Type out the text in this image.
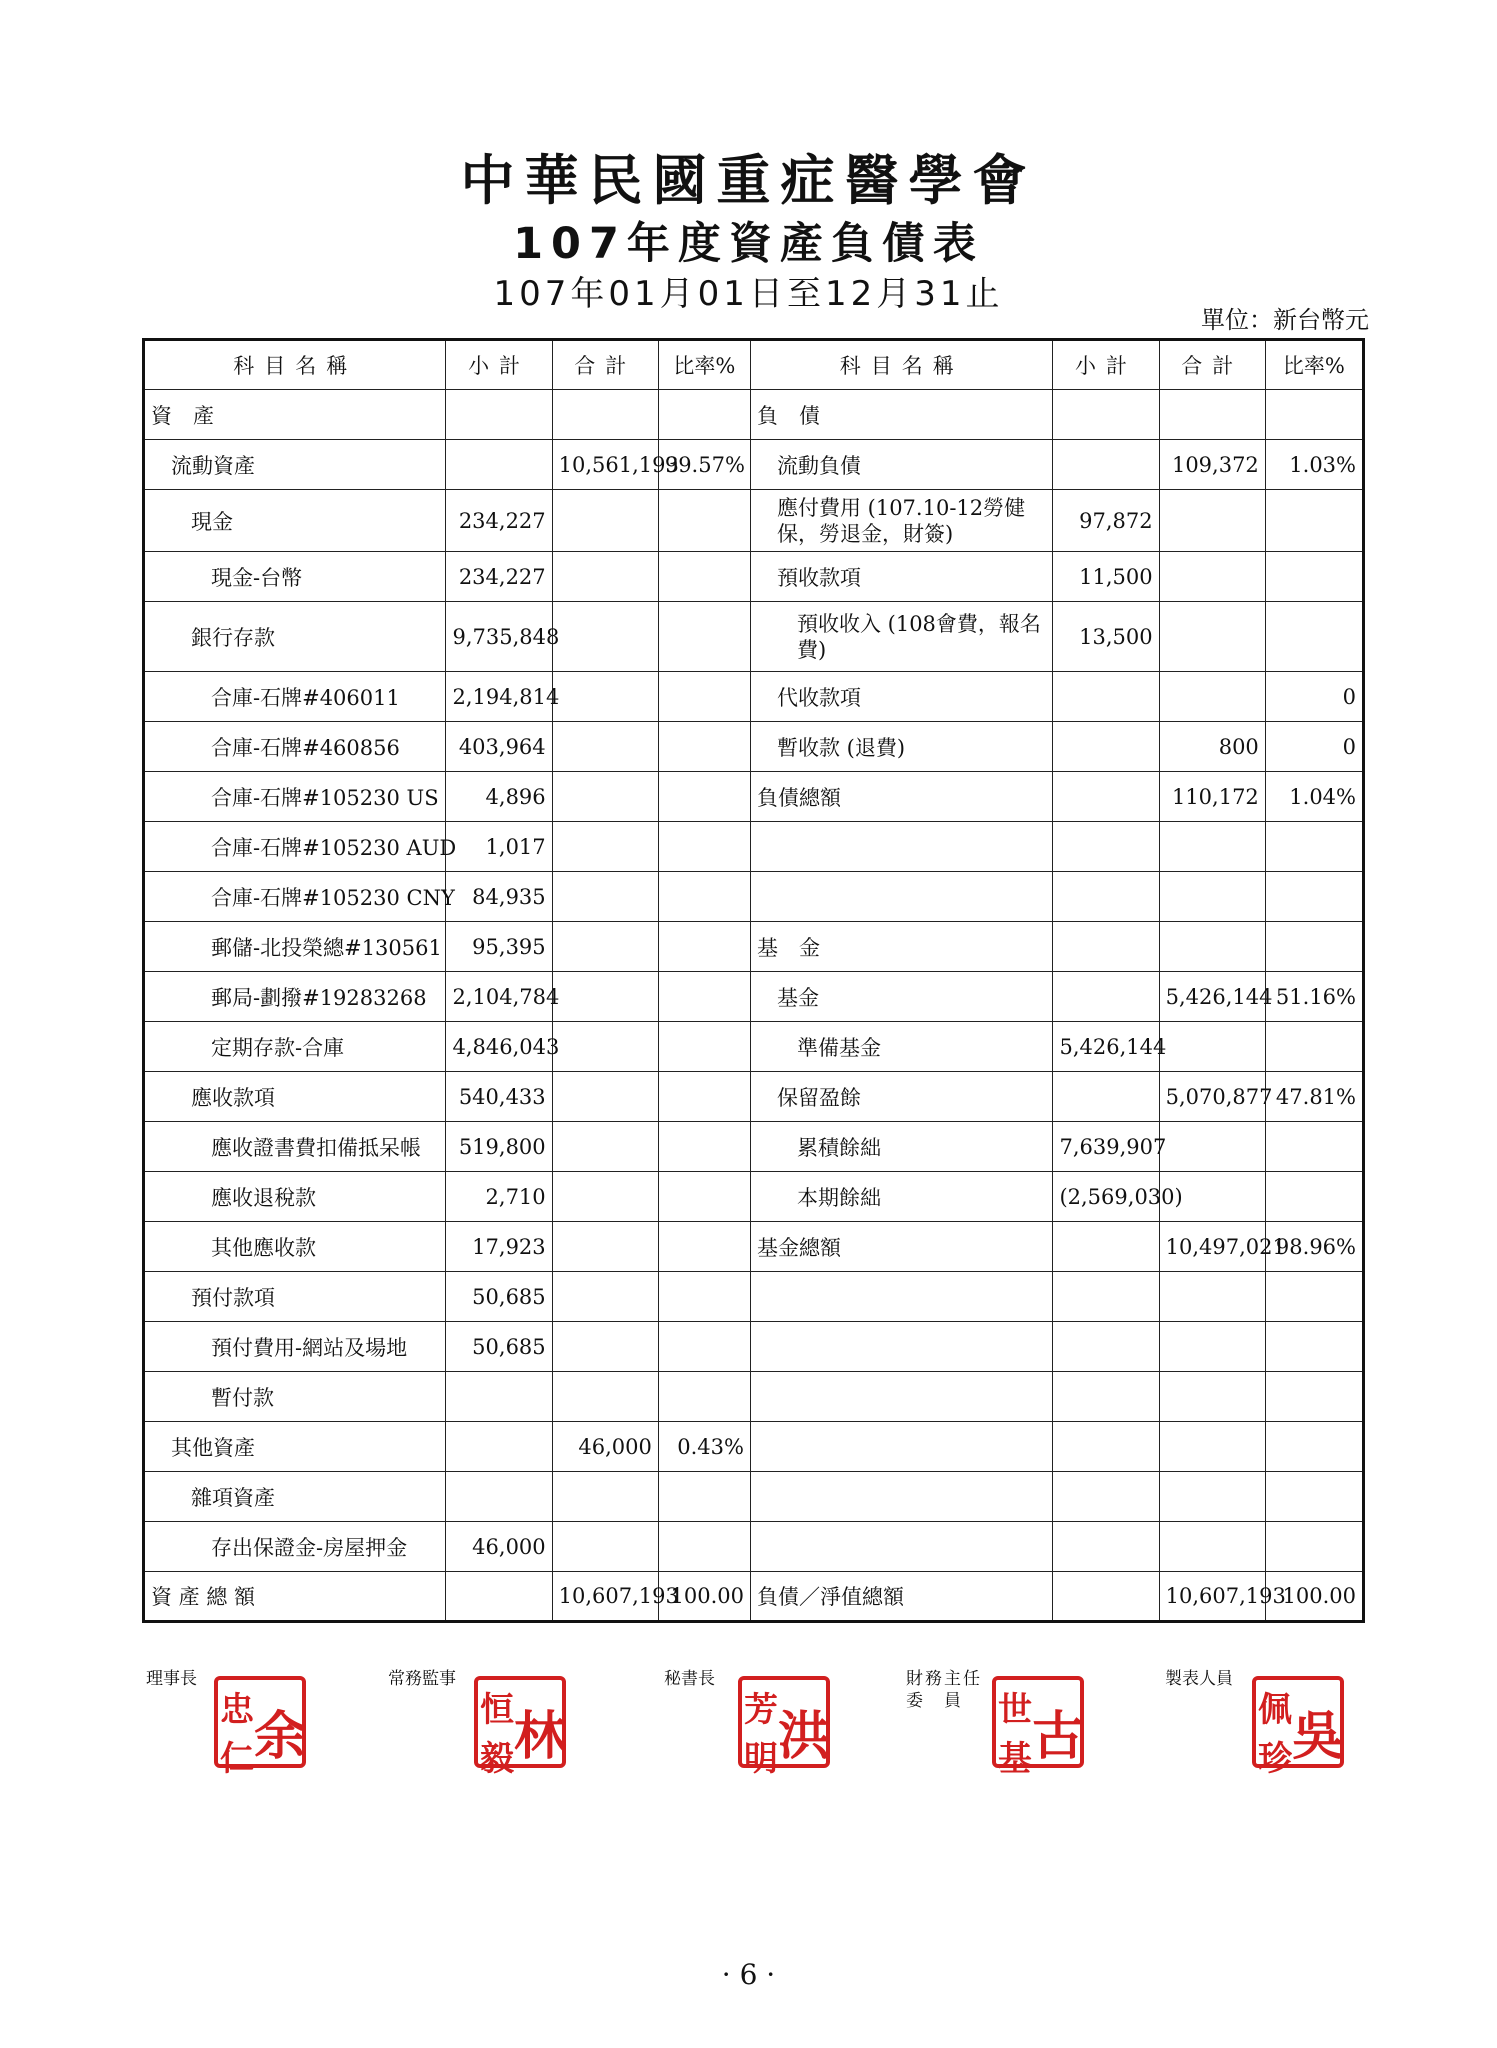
中華民國重症醫學會
107年度資產負債表
107年01月01日至12月31止
單位：新台幣元
科目名稱	小計	合計	比率%	科目名稱	小計	合計	比率%
資　產				負　債			
流動資產		10,561,193	99.57%	流動負債		109,372	1.03%
現金	234,227			應付費用 (107.10-12勞健保，勞退金，財簽)	97,872		
現金-台幣	234,227			預收款項	11,500		
銀行存款	9,735,848			預收收入 (108會費，報名費)	13,500		
合庫-石牌#406011	2,194,814			代收款項			0
合庫-石牌#460856	403,964			暫收款 (退費)		800	0
合庫-石牌#105230 US	4,896			負債總額		110,172	1.04%
合庫-石牌#105230 AUD	1,017						
合庫-石牌#105230 CNY	84,935						
郵儲-北投榮總#130561	95,395			基　金			
郵局-劃撥#19283268	2,104,784			基金		5,426,144	51.16%
定期存款-合庫	4,846,043			準備基金	5,426,144		
應收款項	540,433			保留盈餘		5,070,877	47.81%
應收證書費扣備抵呆帳	519,800			累積餘絀	7,639,907		
應收退稅款	2,710			本期餘絀	(2,569,030)		
其他應收款	17,923			基金總額		10,497,021	98.96%
預付款項	50,685						
預付費用-網站及場地	50,685						
暫付款							
其他資產		46,000	0.43%				
雜項資產							
存出保證金-房屋押金	46,000						
資 產 總 額		10,607,193	100.00	負債／淨值總額		10,607,193	100.00
理事長
忠
仁 余
常務監事
恒
毅 林
秘書長
芳
明 洪
財務主任委　員	世
基 古
製表人員
佩
珍 吳
· 6 ·
